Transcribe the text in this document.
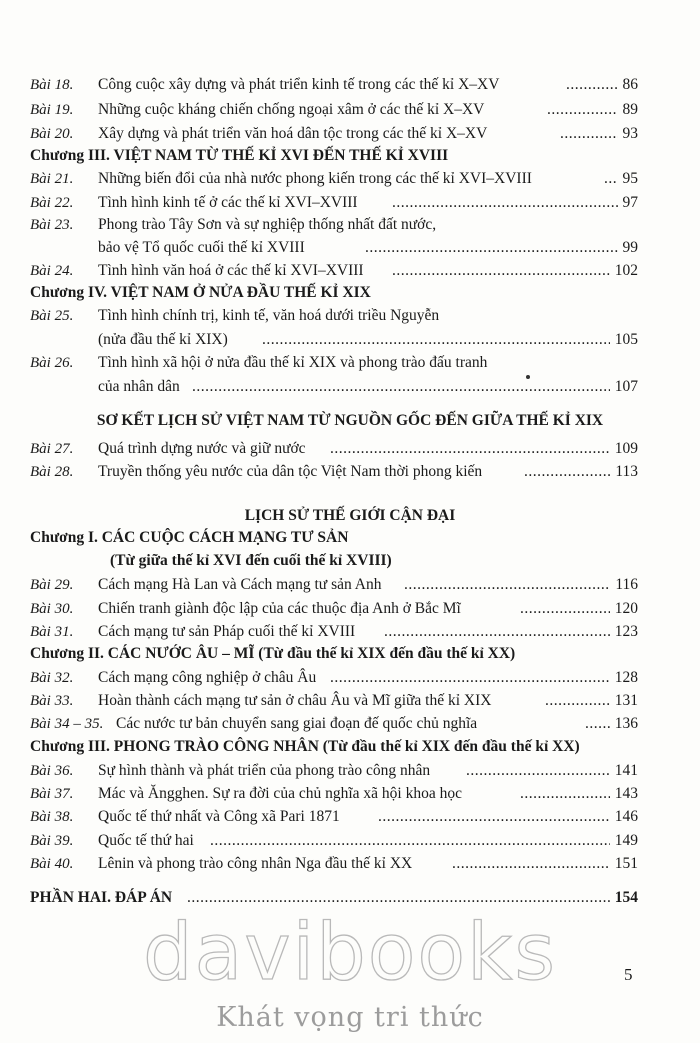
Bài 18. Công cuộc xây dựng và phát triển kinh tế trong các thế kỉ X–XV .....	86
Bài 19. Những cuộc kháng chiến chống ngoại xâm ở các thế kỉ X–XV .....	89
Bài 20. Xây dựng và phát triển văn hoá dân tộc trong các thế kỉ X–XV .....	93
Chương III. VIỆT NAM TỪ THẾ KỈ XVI ĐẾN THẾ KỈ XVIII
Bài 21. Những biến đổi của nhà nước phong kiến trong các thế kỉ XVI–XVIII .....	95
Bài 22. Tình hình kinh tế ở các thế kỉ XVI–XVIII .....	97
Bài 23. Phong trào Tây Sơn và sự nghiệp thống nhất đất nước,
bảo vệ Tổ quốc cuối thế kỉ XVIII .....	99
Bài 24. Tình hình văn hoá ở các thế kỉ XVI–XVIII .....	102
Chương IV. VIỆT NAM Ở NỬA ĐẦU THẾ KỈ XIX
Bài 25. Tình hình chính trị, kinh tế, văn hoá dưới triều Nguyễn
(nửa đầu thế kỉ XIX) .....	105
Bài 26. Tình hình xã hội ở nửa đầu thế kỉ XIX và phong trào đấu tranh
của nhân dân .....	107
SƠ KẾT LỊCH SỬ VIỆT NAM TỪ NGUỒN GỐC ĐẾN GIỮA THẾ KỈ XIX
Bài 27. Quá trình dựng nước và giữ nước .....	109
Bài 28. Truyền thống yêu nước của dân tộc Việt Nam thời phong kiến .....	113
LỊCH SỬ THẾ GIỚI CẬN ĐẠI
Chương I. CÁC CUỘC CÁCH MẠNG TƯ SẢN
(Từ giữa thế kỉ XVI đến cuối thế kỉ XVIII)
Bài 29. Cách mạng Hà Lan và Cách mạng tư sản Anh .....	116
Bài 30. Chiến tranh giành độc lập của các thuộc địa Anh ở Bắc Mĩ .....	120
Bài 31. Cách mạng tư sản Pháp cuối thế kỉ XVIII .....	123
Chương II. CÁC NƯỚC ÂU – MĨ (Từ đầu thế kỉ XIX đến đầu thế kỉ XX)
Bài 32. Cách mạng công nghiệp ở châu Âu .....	128
Bài 33. Hoàn thành cách mạng tư sản ở châu Âu và Mĩ giữa thế kỉ XIX .....	131
Bài 34 – 35. Các nước tư bản chuyển sang giai đoạn đế quốc chủ nghĩa .....	136
Chương III. PHONG TRÀO CÔNG NHÂN (Từ đầu thế kỉ XIX đến đầu thế kỉ XX)
Bài 36. Sự hình thành và phát triển của phong trào công nhân .....	141
Bài 37. Mác và Ăngghen. Sự ra đời của chủ nghĩa xã hội khoa học .....	143
Bài 38. Quốc tế thứ nhất và Công xã Pari 1871 .....	146
Bài 39. Quốc tế thứ hai .....	149
Bài 40. Lênin và phong trào công nhân Nga đầu thế kỉ XX .....	151
PHẦN HAI. ĐÁP ÁN .....	154
5
davibooks
Khát vọng tri thức
